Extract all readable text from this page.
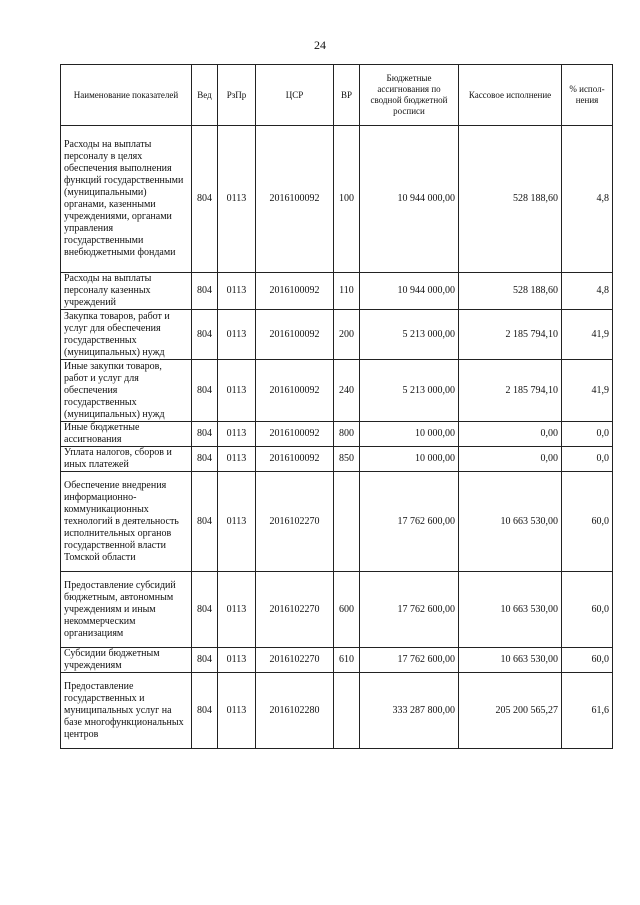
24
Наименование показателей	Вед	РзПр	ЦСР	ВР	Бюджетные ассигнования по сводной бюджетной росписи	Кассовое исполнение	% испол- нения
Расходы на выплаты персоналу в целях обеспечения выполнения функций государственными (муниципальными) органами, казенными учреждениями, органами управления государственными внебюджетными фондами	804	0113	2016100092	100	10 944 000,00	528 188,60	4,8
Расходы на выплаты персоналу казенных учреждений	804	0113	2016100092	110	10 944 000,00	528 188,60	4,8
Закупка товаров, работ и услуг для обеспечения государственных (муниципальных) нужд	804	0113	2016100092	200	5 213 000,00	2 185 794,10	41,9
Иные закупки товаров, работ и услуг для обеспечения государственных (муниципальных) нужд	804	0113	2016100092	240	5 213 000,00	2 185 794,10	41,9
Иные бюджетные ассигнования	804	0113	2016100092	800	10 000,00	0,00	0,0
Уплата налогов, сборов и иных платежей	804	0113	2016100092	850	10 000,00	0,00	0,0
Обеспечение внедрения информационно-коммуникационных технологий в деятельность исполнительных органов государственной власти Томской области	804	0113	2016102270		17 762 600,00	10 663 530,00	60,0
Предоставление субсидий бюджетным, автономным учреждениям и иным некоммерческим организациям	804	0113	2016102270	600	17 762 600,00	10 663 530,00	60,0
Субсидии бюджетным учреждениям	804	0113	2016102270	610	17 762 600,00	10 663 530,00	60,0
Предоставление государственных и муниципальных услуг на базе многофункциональных центров	804	0113	2016102280		333 287 800,00	205 200 565,27	61,6
